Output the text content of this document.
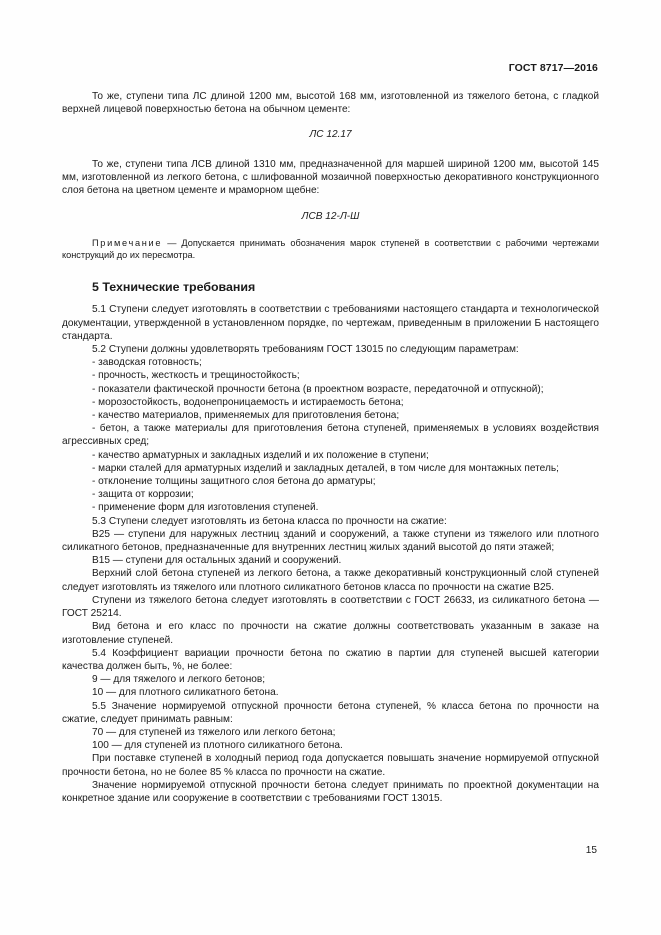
ГОСТ 8717—2016

То же, ступени типа ЛС длиной 1200 мм, высотой 168 мм, изготовленной из тяжелого бетона, с гладкой верхней лицевой поверхностью бетона на обычном цементе:

ЛС 12.17

То же, ступени типа ЛСВ длиной 1310 мм, предназначенной для маршей шириной 1200 мм, высотой 145 мм, изготовленной из легкого бетона, с шлифованной мозаичной поверхностью декоративного конструкционного слоя бетона на цветном цементе и мраморном щебне:

ЛСВ 12-Л-Ш

Примечание — Допускается принимать обозначения марок ступеней в соответствии с рабочими чертежами конструкций до их пересмотра.

5 Технические требования

5.1 Ступени следует изготовлять в соответствии с требованиями настоящего стандарта и технологической документации, утвержденной в установленном порядке, по чертежам, приведенным в приложении Б настоящего стандарта.

5.2 Ступени должны удовлетворять требованиям ГОСТ 13015 по следующим параметрам:

- заводская готовность;

- прочность, жесткость и трещиностойкость;

- показатели фактической прочности бетона (в проектном возрасте, передаточной и отпускной);

- морозостойкость, водонепроницаемость и истираемость бетона;

- качество материалов, применяемых для приготовления бетона;

- бетон, а также материалы для приготовления бетона ступеней, применяемых в условиях воздействия агрессивных сред;

- качество арматурных и закладных изделий и их положение в ступени;

- марки сталей для арматурных изделий и закладных деталей, в том числе для монтажных петель;

- отклонение толщины защитного слоя бетона до арматуры;

- защита от коррозии;

- применение форм для изготовления ступеней.

5.3 Ступени следует изготовлять из бетона класса по прочности на сжатие:

В25 — ступени для наружных лестниц зданий и сооружений, а также ступени из тяжелого или плотного силикатного бетонов, предназначенные для внутренних лестниц жилых зданий высотой до пяти этажей;

В15 — ступени для остальных зданий и сооружений.

Верхний слой бетона ступеней из легкого бетона, а также декоративный конструкционный слой ступеней следует изготовлять из тяжелого или плотного силикатного бетонов класса по прочности на сжатие В25.

Ступени из тяжелого бетона следует изготовлять в соответствии с ГОСТ 26633, из силикатного бетона — ГОСТ 25214.

Вид бетона и его класс по прочности на сжатие должны соответствовать указанным в заказе на изготовление ступеней.

5.4 Коэффициент вариации прочности бетона по сжатию в партии для ступеней высшей категории качества должен быть, %, не более:

9 — для тяжелого и легкого бетонов;

10 — для плотного силикатного бетона.

5.5 Значение нормируемой отпускной прочности бетона ступеней, % класса бетона по прочности на сжатие, следует принимать равным:

70 — для ступеней из тяжелого или легкого бетона;

100 — для ступеней из плотного силикатного бетона.

При поставке ступеней в холодный период года допускается повышать значение нормируемой отпускной прочности бетона, но не более 85 % класса по прочности на сжатие.

Значение нормируемой отпускной прочности бетона следует принимать по проектной документации на конкретное здание или сооружение в соответствии с требованиями ГОСТ 13015.

15
